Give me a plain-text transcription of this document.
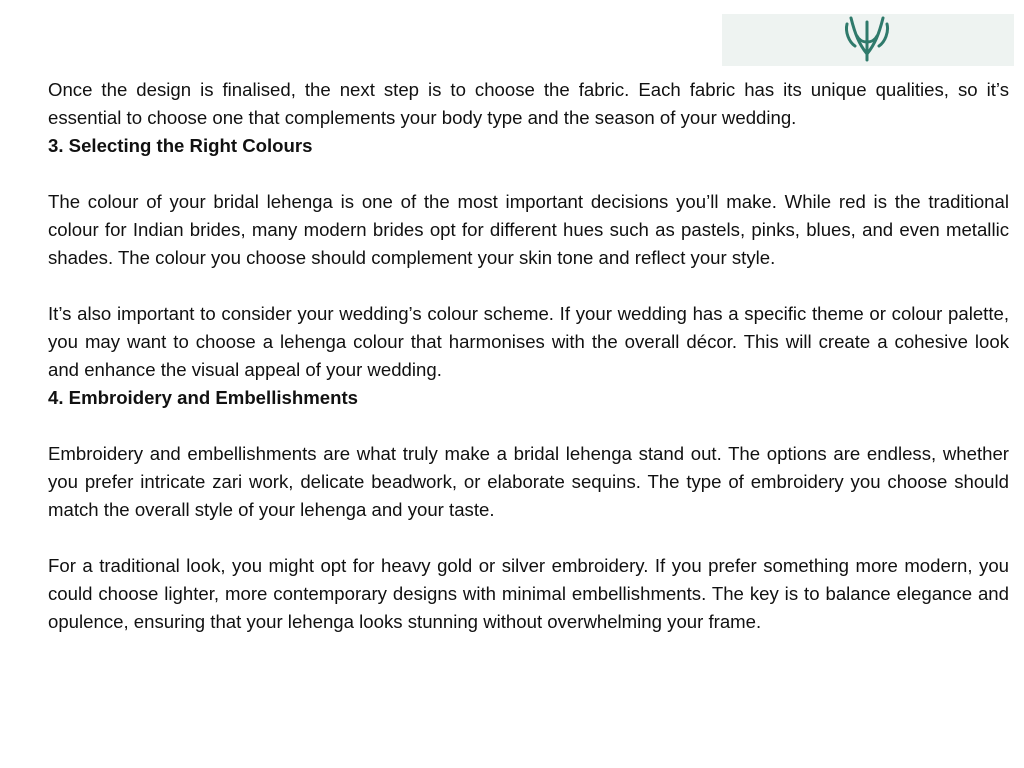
Once the design is finalised, the next step is to choose the fabric. Each fabric has its unique qualities, so it’s essential to choose one that complements your body type and the season of your wedding.

3. Selecting the Right Colours

The colour of your bridal lehenga is one of the most important decisions you’ll make. While red is the traditional colour for Indian brides, many modern brides opt for different hues such as pastels, pinks, blues, and even metallic shades. The colour you choose should complement your skin tone and reflect your style.

It’s also important to consider your wedding’s colour scheme. If your wedding has a specific theme or colour palette, you may want to choose a lehenga colour that harmonises with the overall décor. This will create a cohesive look and enhance the visual appeal of your wedding.

4. Embroidery and Embellishments

Embroidery and embellishments are what truly make a bridal lehenga stand out. The options are endless, whether you prefer intricate zari work, delicate beadwork, or elaborate sequins. The type of embroidery you choose should match the overall style of your lehenga and your taste.

For a traditional look, you might opt for heavy gold or silver embroidery. If you prefer something more modern, you could choose lighter, more contemporary designs with minimal embellishments. The key is to balance elegance and opulence, ensuring that your lehenga looks stunning without overwhelming your frame.
